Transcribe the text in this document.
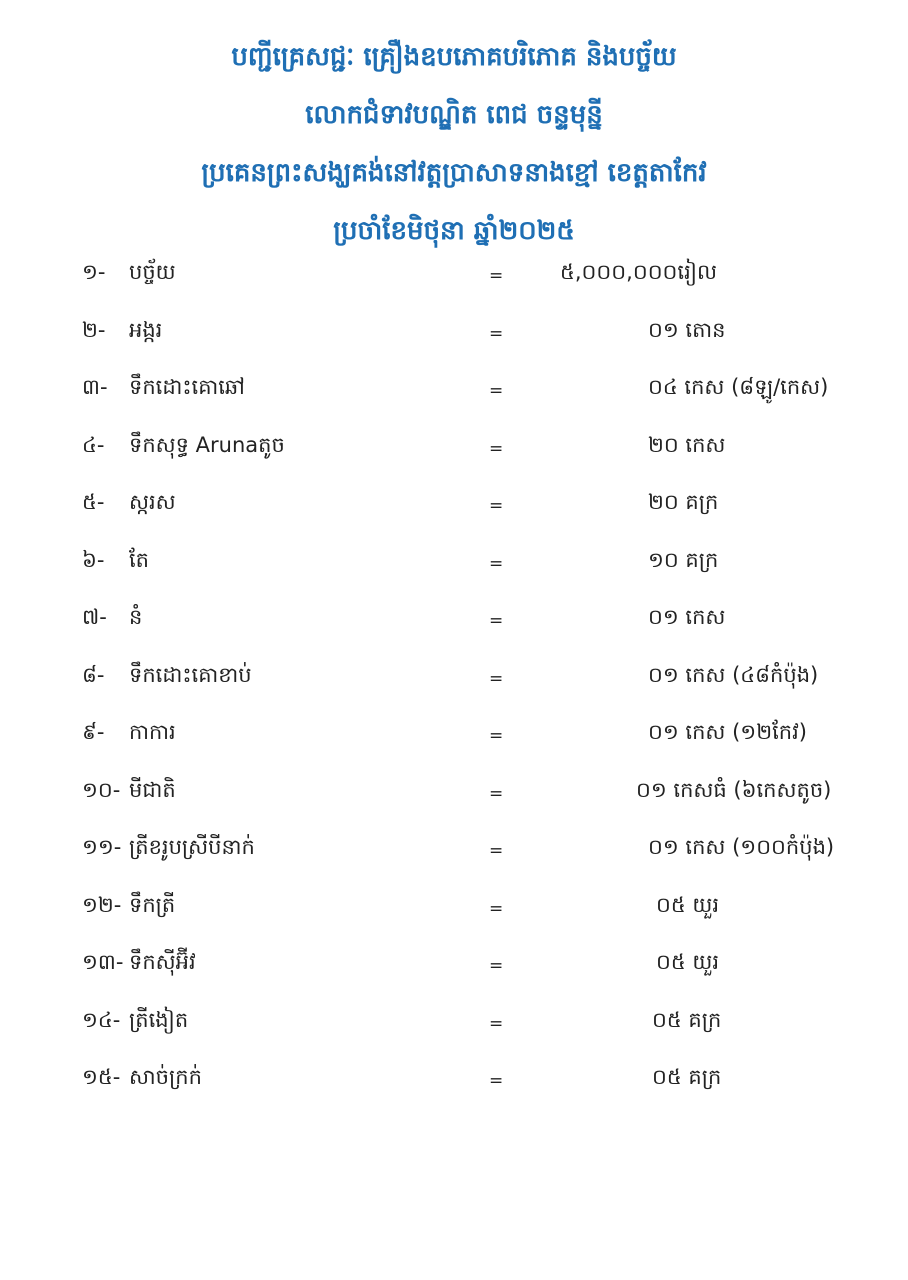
បញ្ជីគ្រេសជ្ជៈ គ្រឿងឧបភោគបរិភោគ និងបច្ច័យ
លោកជំទាវបណ្ឌិត ពេជ ចន្ទមុន្នី
ប្រគេនព្រះសង្ឃគង់នៅវត្តប្រាសាទនាងខ្មៅ ខេត្តតាកែវ
ប្រចាំខែមិថុនា ឆ្នាំ២០២៥
១- បច្ច័យ	=	៥,០០០,០០០រៀល
២- អង្ករ	=	០១ តោន
៣- ទឹកដោះគោឆៅ	=	០៤ កេស (៨ឡូ/កេស)
៤- ទឹកសុទ្ធ Arunaតូច	=	២០ កេស
៥- ស្ករស	=	២០ គក្រ
៦- តែ	=	១០ គក្រ
៧- នំ	=	០១ កេស
៨- ទឹកដោះគោខាប់	=	០១ កេស (៤៨កំប៉ុង)
៩- កាការ	=	០១ កេស (១២កែវ)
១០- មីជាតិ	=	០១ កេសធំ (៦កេសតូច)
១១- ត្រីខរូបស្រីបីនាក់	=	០១ កេស (១០០កំប៉ុង)
១២- ទឹកត្រី	=	០៥ យួរ
១៣- ទឹកស៊ីអ៊ីវ	=	០៥ យួរ
១៤- ត្រីងៀត	=	០៥ គក្រ
១៥- សាច់ក្រក់	=	០៥ គក្រ
